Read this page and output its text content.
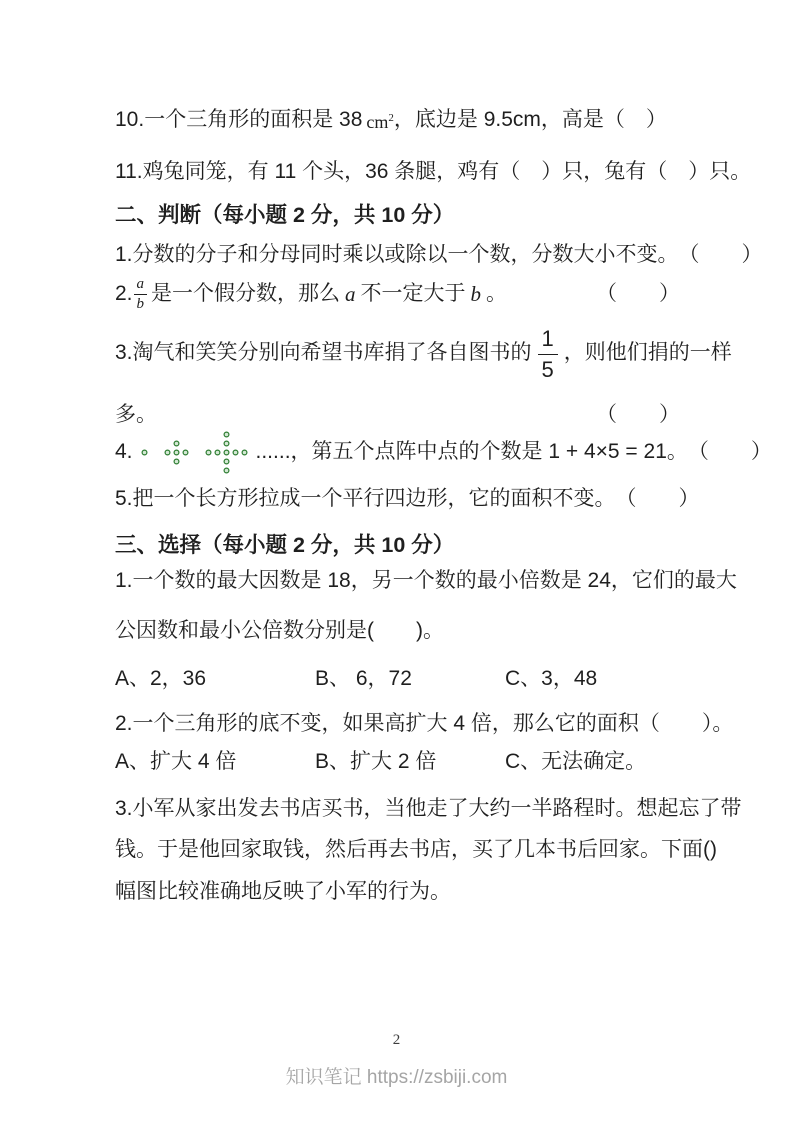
10.一个三角形的面积是 38 $cm^2$ ，底边是 9.5cm，高是（　）
11.鸡兔同笼，有 11 个头，36 条腿，鸡有（　）只，兔有（　）只。
二、判断（每小题 2 分，共 10 分）
1.分数的分子和分母同时乘以或除以一个数，分数大小不变。 （　　）
2. $\frac{a}{b}$ 是一个假分数，那么 a 不一定大于 b 。	（　　）
3.淘气和笑笑分别向希望书库捐了各自图书的 $\frac{1}{5}$ ，则他们捐的一样
多。	（　　）
4.	......，第五个点阵中点的个数是 1 + 4×5 = 21。 （　　）
5.把一个长方形拉成一个平行四边形，它的面积不变。 （　　）
三、选择（每小题 2 分，共 10 分）
1.一个数的最大因数是 18，另一个数的最小倍数是 24，它们的最大
公因数和最小公倍数分别是(　　)。
A、2，36	B、 6，72	C、3，48
2.一个三角形的底不变，如果高扩大 4 倍，那么它的面积（　　）。
A、扩大 4 倍	B、扩大 2 倍	C、无法确定。
3.小军从家出发去书店买书，当他走了大约一半路程时。想起忘了带
钱。于是他回家取钱，然后再去书店，买了几本书后回家。下面( )
幅图比较准确地反映了小军的行为。
2
知识笔记 https://zsbiji.com
